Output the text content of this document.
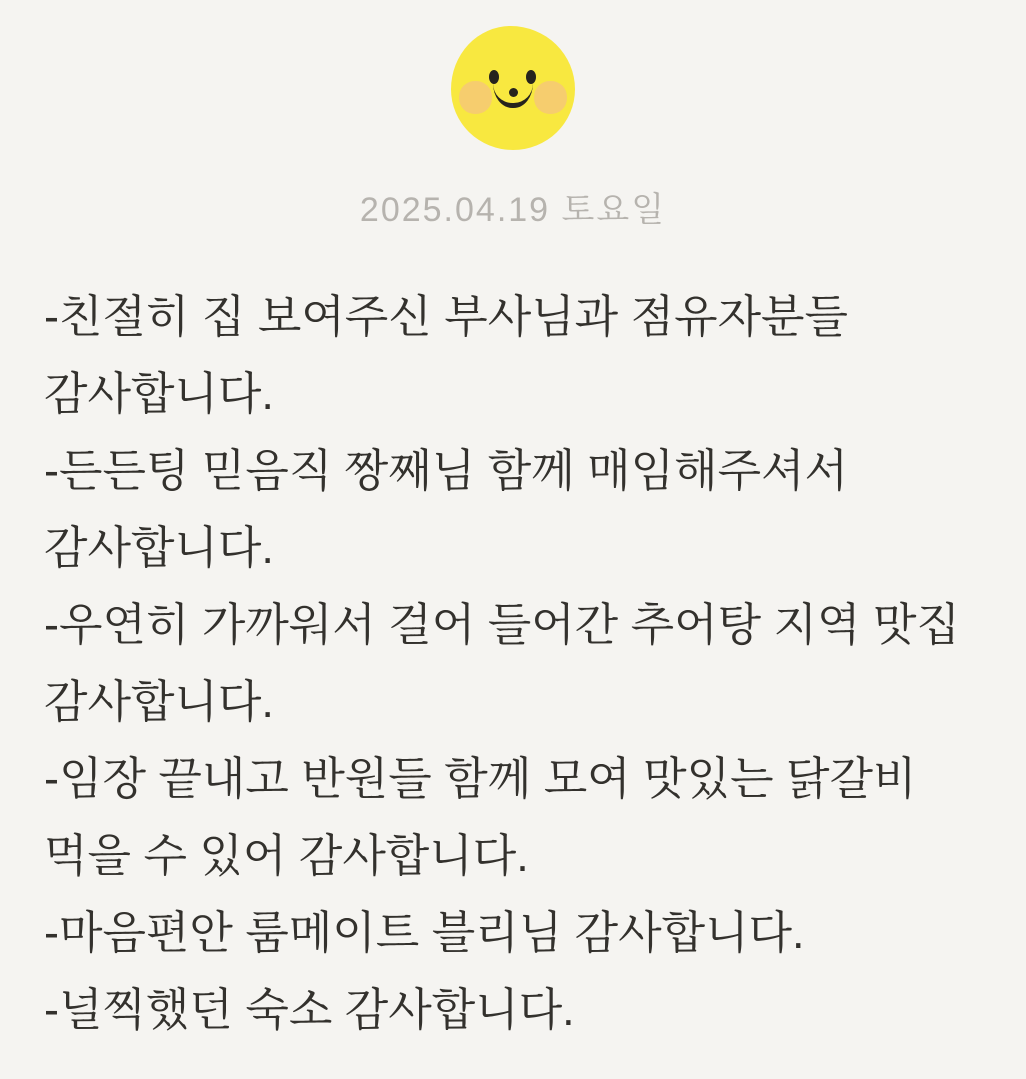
2025.04.19 토요일

-친절히 집 보여주신 부사님과 점유자분들 감사합니다.

-든든팅 믿음직 짱째님 함께 매임해주셔서 감사합니다.

-우연히 가까워서 걸어 들어간 추어탕 지역 맛집 감사합니다.

-임장 끝내고 반원들 함께 모여 맛있는 닭갈비 먹을 수 있어 감사합니다.

-마음편안 룸메이트 블리님 감사합니다.

-널찍했던 숙소 감사합니다.
